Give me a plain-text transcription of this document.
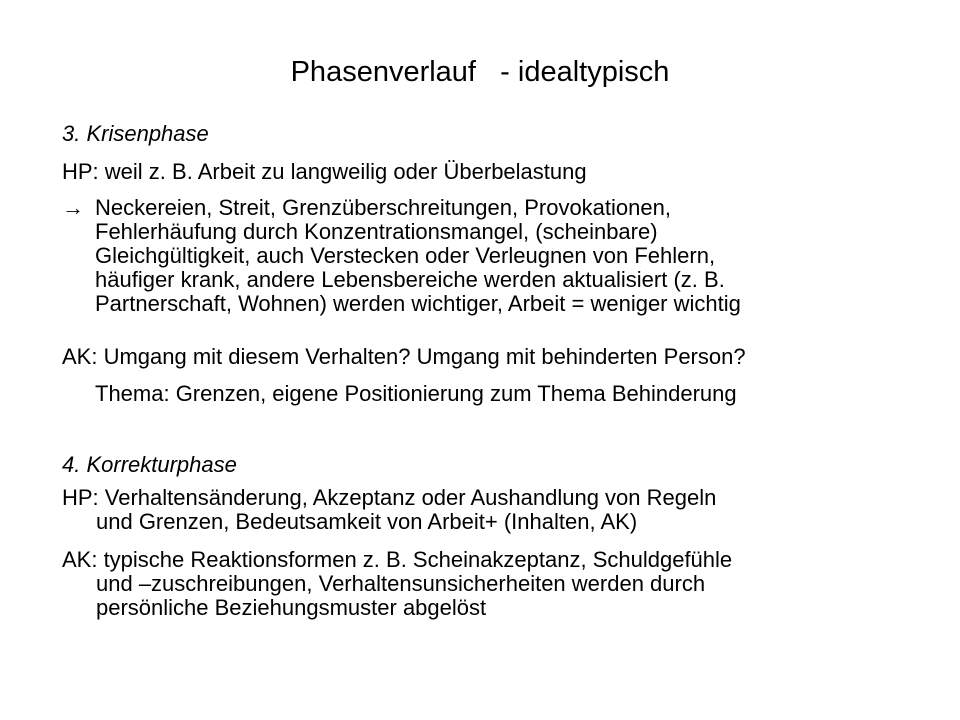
Phasenverlauf   - idealtypisch
3. Krisenphase
HP: weil z. B. Arbeit zu langweilig oder Überbelastung
→ Neckereien, Streit, Grenzüberschreitungen, Provokationen,
Fehlerhäufung durch Konzentrationsmangel, (scheinbare)
Gleichgültigkeit, auch Verstecken oder Verleugnen von Fehlern,
häufiger krank, andere Lebensbereiche werden aktualisiert (z. B.
Partnerschaft, Wohnen) werden wichtiger, Arbeit = weniger wichtig
AK: Umgang mit diesem Verhalten? Umgang mit behinderten Person?
Thema: Grenzen, eigene Positionierung zum Thema Behinderung
4. Korrekturphase
HP: Verhaltensänderung, Akzeptanz oder Aushandlung von Regeln
und Grenzen, Bedeutsamkeit von Arbeit+ (Inhalten, AK)
AK: typische Reaktionsformen z. B. Scheinakzeptanz, Schuldgefühle
und –zuschreibungen, Verhaltensunsicherheiten werden durch
persönliche Beziehungsmuster abgelöst
